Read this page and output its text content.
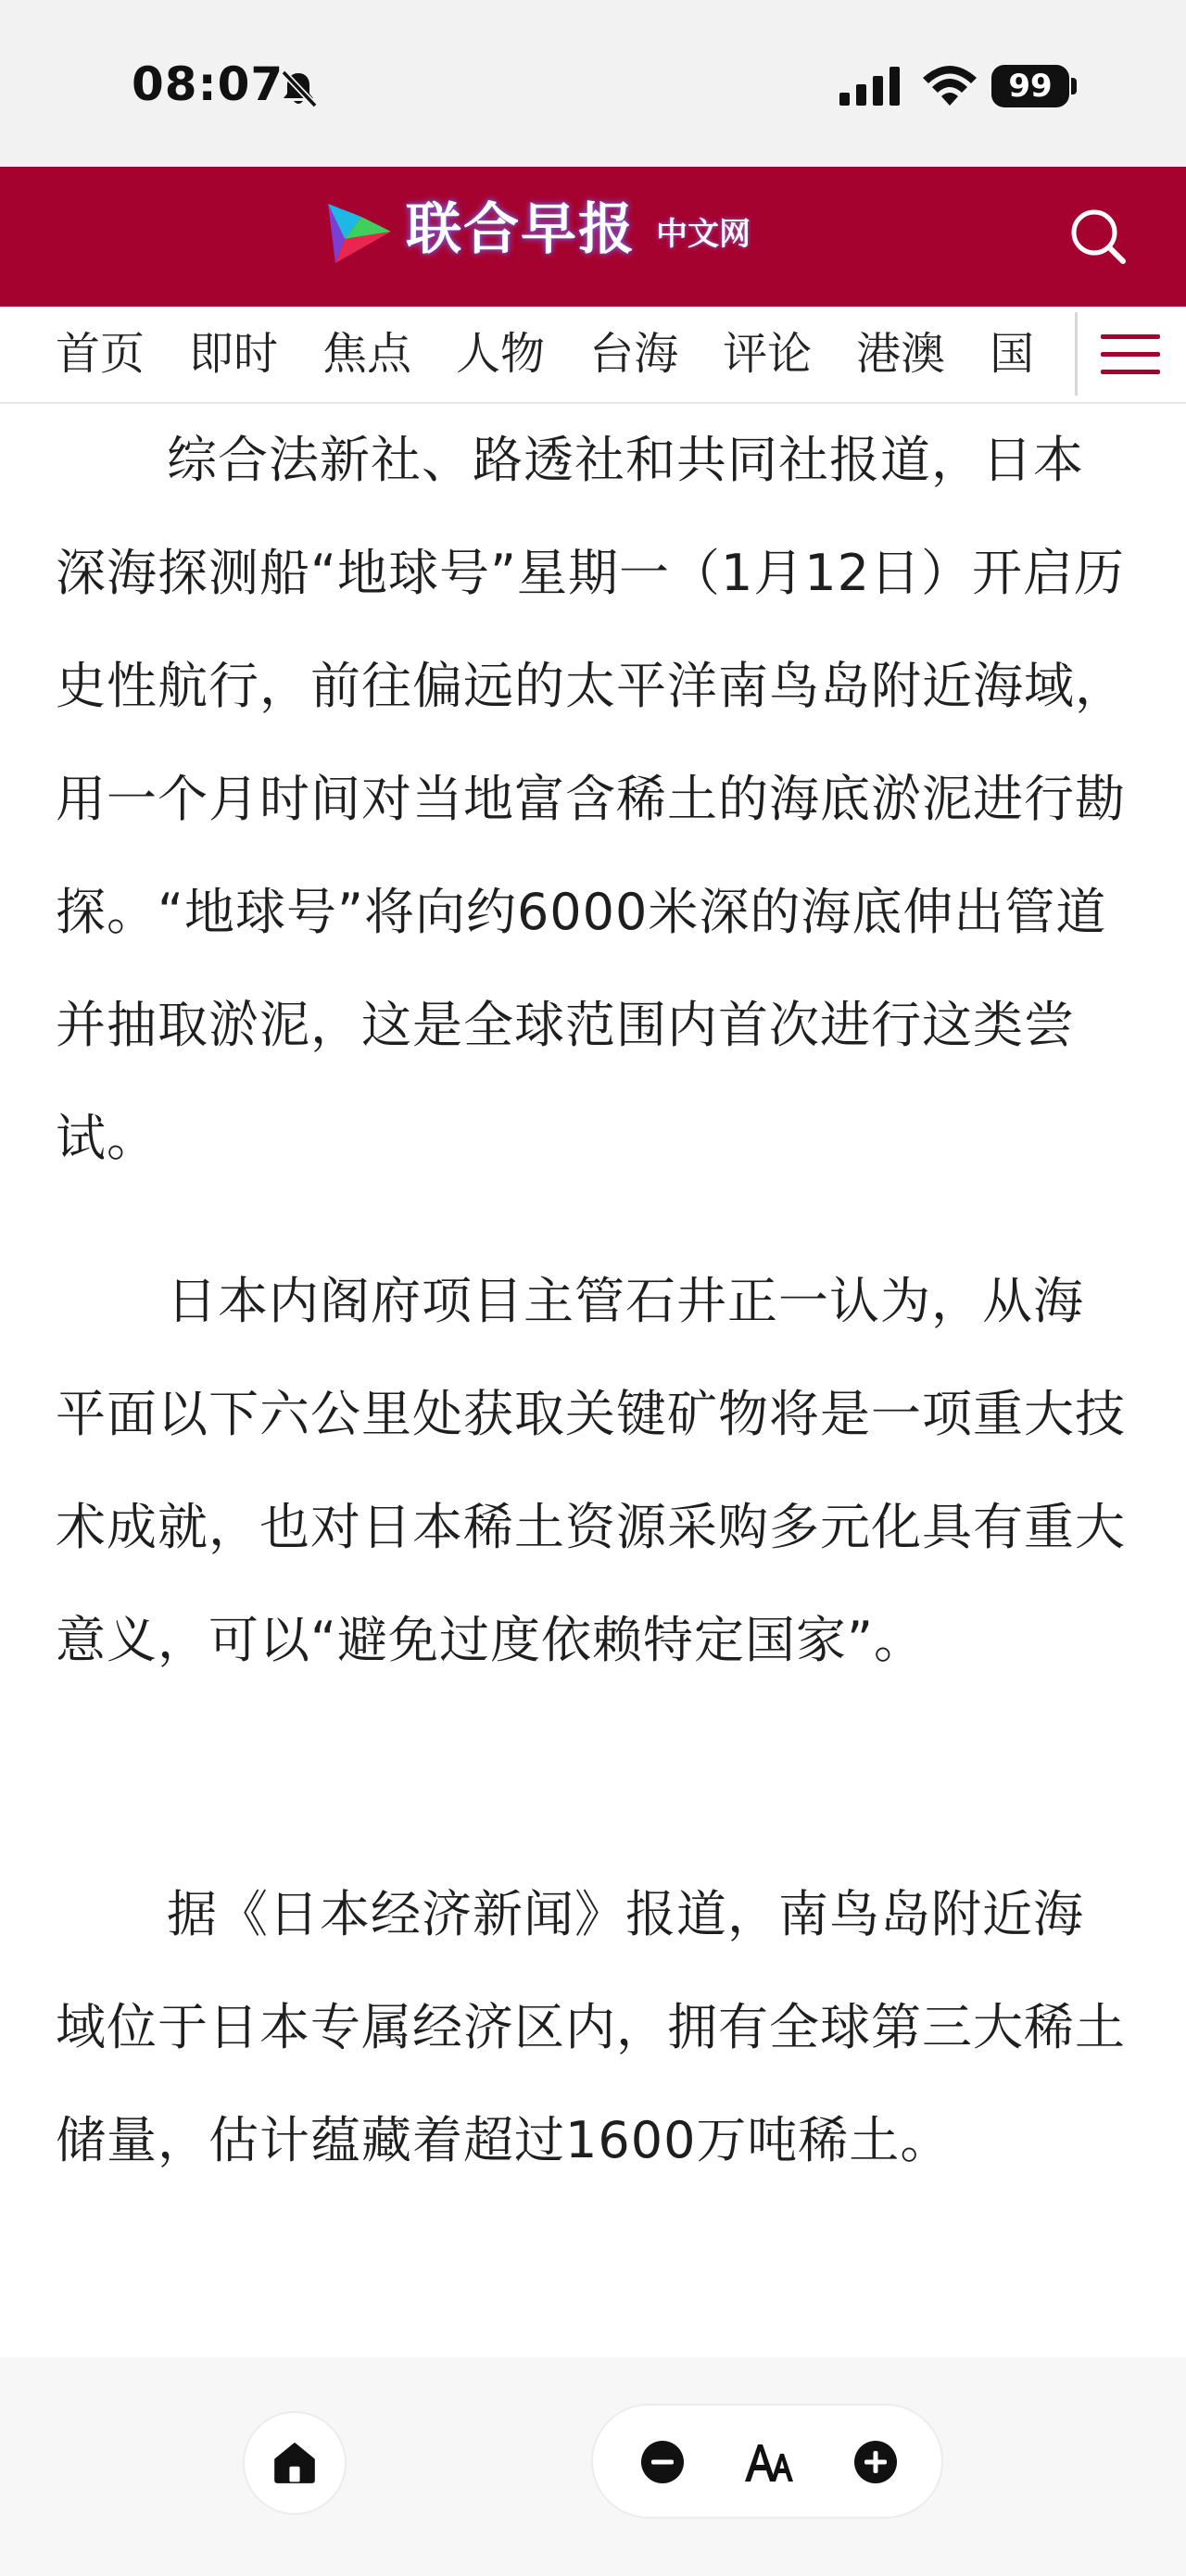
08:07	99
联合早报 中文网
首页 即时 焦点 人物 台海 评论 港澳 国

综合法新社、路透社和共同社报道，日本深海探测船“地球号”星期一（1月12日）开启历史性航行，前往偏远的太平洋南鸟岛附近海域，用一个月时间对当地富含稀土的海底淤泥进行勘探。“地球号”将向约6000米深的海底伸出管道并抽取淤泥，这是全球范围内首次进行这类尝试。

日本内阁府项目主管石井正一认为，从海平面以下六公里处获取关键矿物将是一项重大技术成就，也对日本稀土资源采购多元化具有重大意义，可以“避免过度依赖特定国家”。

据《日本经济新闻》报道，南鸟岛附近海域位于日本专属经济区内，拥有全球第三大稀土储量，估计蕴藏着超过1600万吨稀土。
